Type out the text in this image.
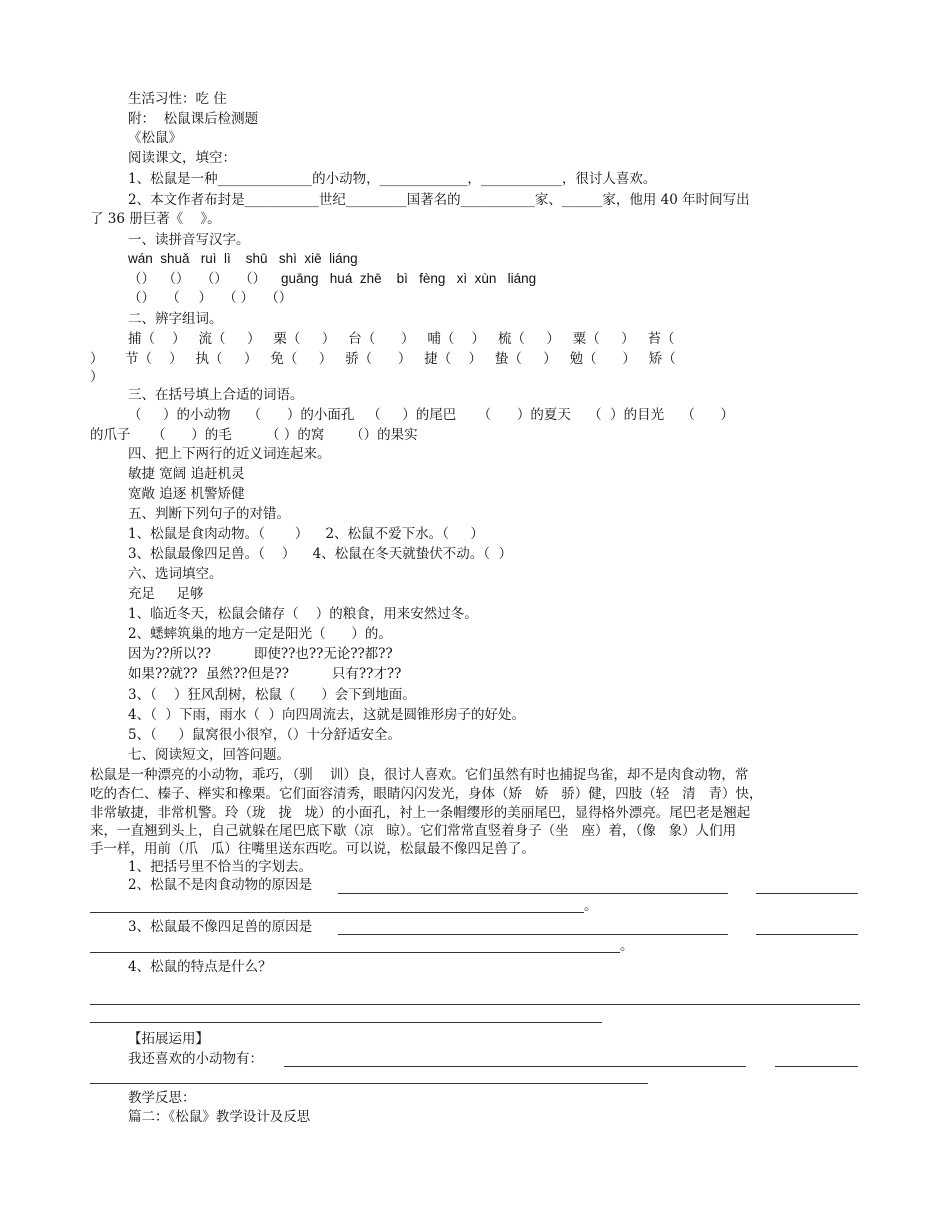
生活习性：吃 住
附：  松鼠课后检测题
《松鼠》
阅读课文，填空：
1、松鼠是一种______________的小动物，_____________，____________，很讨人喜欢。
2、本文作者布封是___________世纪_________国著名的___________家、______家，他用 40 年时间写出
了 36 册巨著《    》。
一、读拼音写汉字。
wán  shuǎ   ruì  lì    shū   shì  xiē  liáng
（）  （）   （）   （）    guāng   huá  zhē    bì   fèng   xì  xùn   liáng
（）   （     ）   （ ）   （）
二、辨字组词。
捕（    ）   流（     ）   栗（     ）   台（      ）   哺（    ）   梳（     ）   粟（     ）   苔（
）     节（    ）   执（     ）   免（     ）   骄（      ）   捷（    ）   蛰（     ）   勉（      ）   矫（
）
三、在括号填上合适的词语。
（     ）的小动物    （      ）的小面孔   （     ）的尾巴     （      ）的夏天    （  ）的目光    （      ）
的爪子     （      ）的毛        （ ）的窝      （）的果实
四、把上下两行的近义词连起来。
敏捷 宽阔 追赶机灵
宽敞 追逐 机警矫健
五、判断下列句子的对错。
1、松鼠是食肉动物。（       ）    2、松鼠不爱下水。（     ）
3、松鼠最像四足兽。（    ）    4、松鼠在冬天就蛰伏不动。（  ）
六、选词填空。
充足     足够
1、临近冬天，松鼠会储存（    ）的粮食，用来安然过冬。
2、蟋蟀筑巢的地方一定是阳光（      ）的。
因为??所以??          即使??也??无论??都??
如果??就??  虽然??但是??          只有??才??
3、（    ）狂风刮树，松鼠（      ）会下到地面。
4、（  ）下雨，雨水（  ）向四周流去，这就是圆锥形房子的好处。
5、（     ）鼠窝很小很窄，（）十分舒适安全。
七、阅读短文，回答问题。
松鼠是一种漂亮的小动物，乖巧，（驯    训）良，很讨人喜欢。它们虽然有时也捕捉鸟雀，却不是肉食动物，常
吃的杏仁、榛子、榉实和橡栗。它们面容清秀，眼睛闪闪发光，身体（矫   娇   骄）健，四肢（轻   清   青）快，
非常敏捷，非常机警。玲（珑   拢   垅）的小面孔，衬上一条帽缨形的美丽尾巴，显得格外漂亮。尾巴老是翘起
来，一直翘到头上，自己就躲在尾巴底下歇（凉   晾）。它们常常直竖着身子（坐   座）着，（像   象）人们用
手一样，用前（爪   瓜）往嘴里送东西吃。可以说，松鼠最不像四足兽了。
1、把括号里不恰当的字划去。
2、松鼠不是肉食动物的原因是
。
3、松鼠最不像四足兽的原因是
。
4、松鼠的特点是什么？
【拓展运用】
我还喜欢的小动物有：
教学反思：
篇二：《松鼠》教学设计及反思
